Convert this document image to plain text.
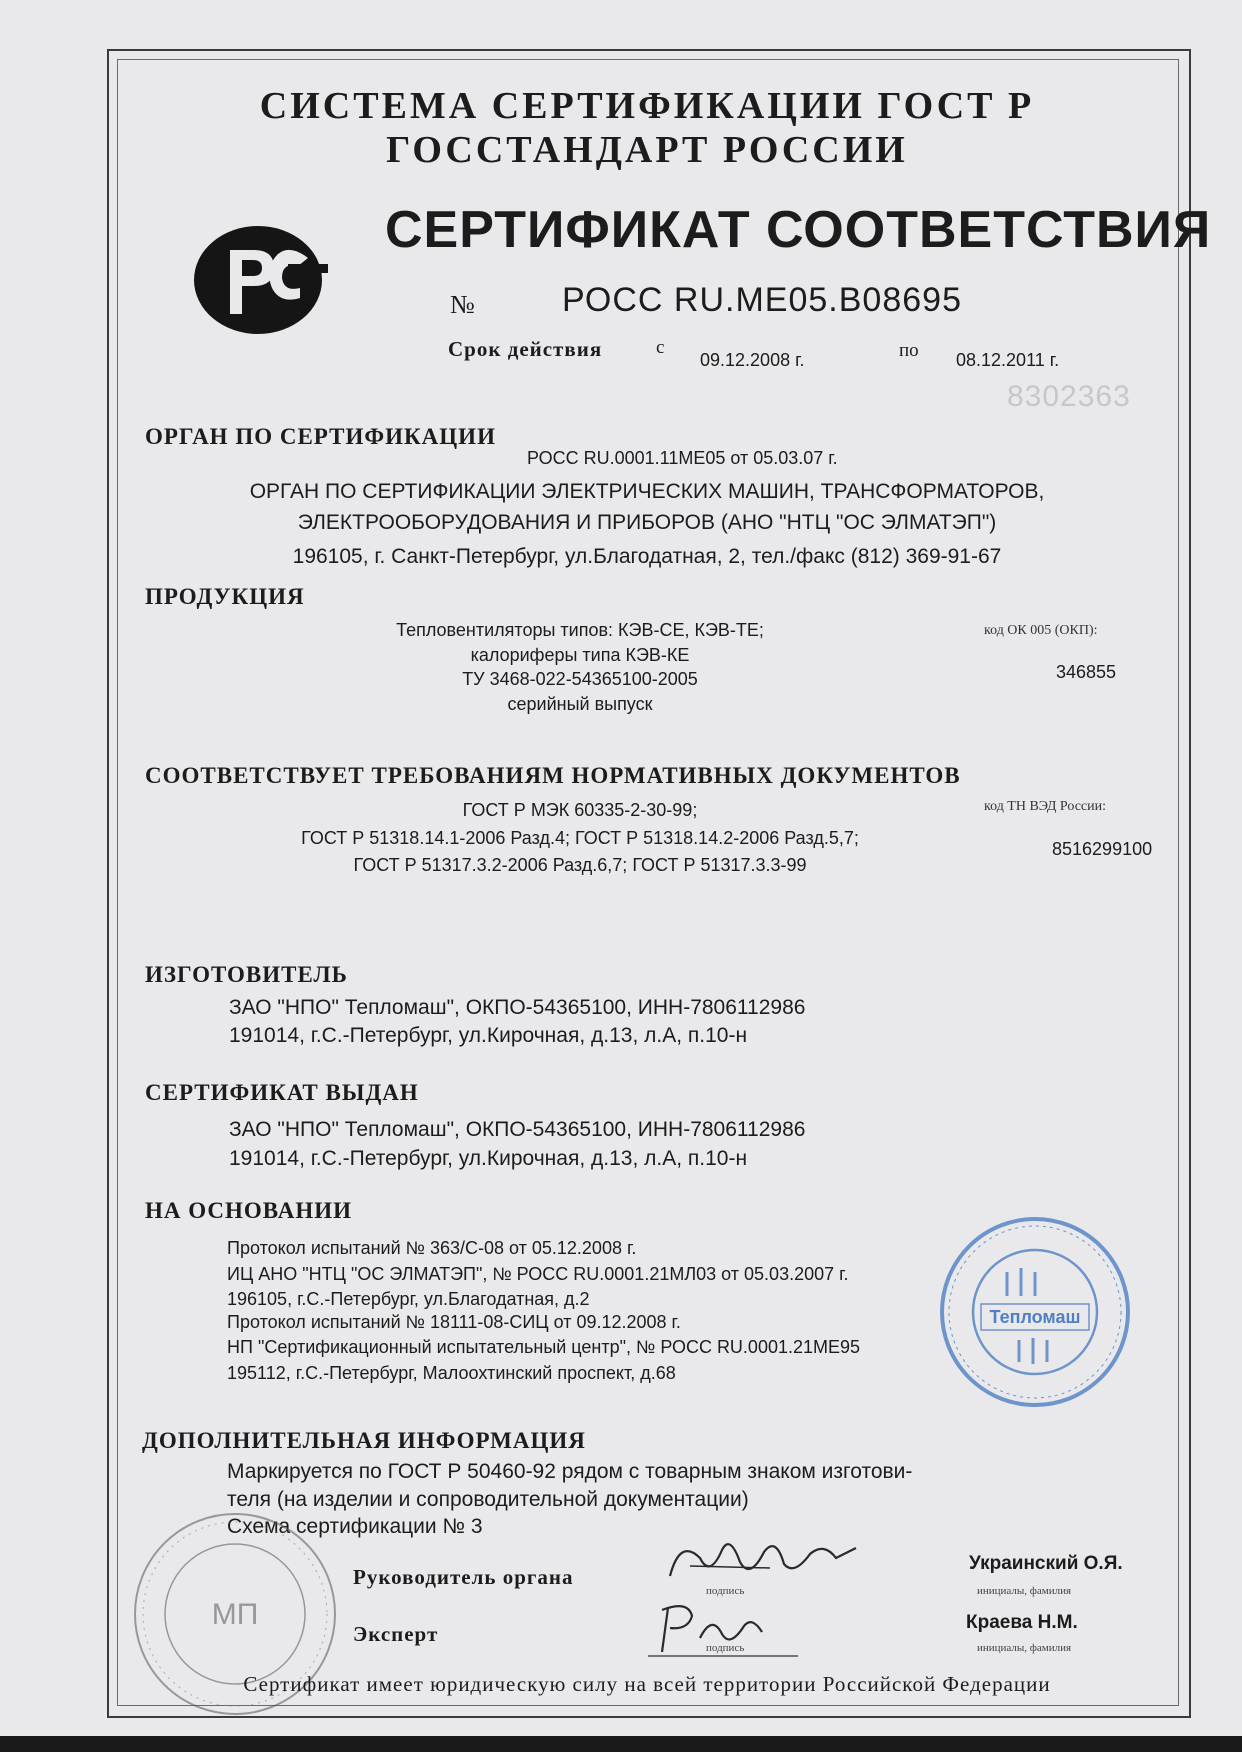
СИСТЕМА СЕРТИФИКАЦИИ ГОСТ Р
ГОССТАНДАРТ РОССИИ
СЕРТИФИКАТ СООТВЕТСТВИЯ
№	РОСС RU.ME05.B08695
Срок действия	с
09.12.2008 г.	по 08.12.2011 г.
8302363
ОРГАН ПО СЕРТИФИКАЦИИ
РОСС RU.0001.11МЕ05 от 05.03.07 г.
ОРГАН ПО СЕРТИФИКАЦИИ ЭЛЕКТРИЧЕСКИХ МАШИН, ТРАНСФОРМАТОРОВ,
ЭЛЕКТРООБОРУДОВАНИЯ И ПРИБОРОВ (АНО "НТЦ "ОС ЭЛМАТЭП")
196105, г. Санкт-Петербург, ул.Благодатная, 2, тел./факс (812) 369-91-67
ПРОДУКЦИЯ
Тепловентиляторы типов: КЭВ-СЕ, КЭВ-ТЕ;
калориферы типа КЭВ-КЕ
ТУ 3468-022-54365100-2005
серийный выпуск
код ОК 005 (ОКП):
346855
СООТВЕТСТВУЕТ ТРЕБОВАНИЯМ НОРМАТИВНЫХ ДОКУМЕНТОВ
ГОСТ Р МЭК 60335-2-30-99;
ГОСТ Р 51318.14.1-2006 Разд.4; ГОСТ Р 51318.14.2-2006 Разд.5,7;
ГОСТ Р 51317.3.2-2006 Разд.6,7; ГОСТ Р 51317.3.3-99
код ТН ВЭД России:
8516299100
ИЗГОТОВИТЕЛЬ
ЗАО "НПО" Тепломаш", ОКПО-54365100, ИНН-7806112986
191014, г.С.-Петербург, ул.Кирочная, д.13, л.А, п.10-н
СЕРТИФИКАТ ВЫДАН
ЗАО "НПО" Тепломаш", ОКПО-54365100, ИНН-7806112986
191014, г.С.-Петербург, ул.Кирочная, д.13, л.А, п.10-н
НА ОСНОВАНИИ
Протокол испытаний № 363/С-08 от 05.12.2008 г.
ИЦ АНО "НТЦ "ОС ЭЛМАТЭП", № РОСС RU.0001.21МЛ03 от 05.03.2007 г.
196105, г.С.-Петербург, ул.Благодатная, д.2
Протокол испытаний № 18111-08-СИЦ от 09.12.2008 г.
НП "Сертификационный испытательный центр", № РОСС RU.0001.21МЕ95
195112, г.С.-Петербург, Малоохтинский проспект, д.68
Тепломаш
ДОПОЛНИТЕЛЬНАЯ ИНФОРМАЦИЯ
Маркируется по ГОСТ Р 50460-92 рядом с товарным знаком изготови-
теля (на изделии и сопроводительной документации)
Схема сертификации № 3
МП
Руководитель органа
подпись
Украинский О.Я.
инициалы, фамилия
Эксперт
подпись
Краева Н.М.
инициалы, фамилия
Сертификат имеет юридическую силу на всей территории Российской Федерации
